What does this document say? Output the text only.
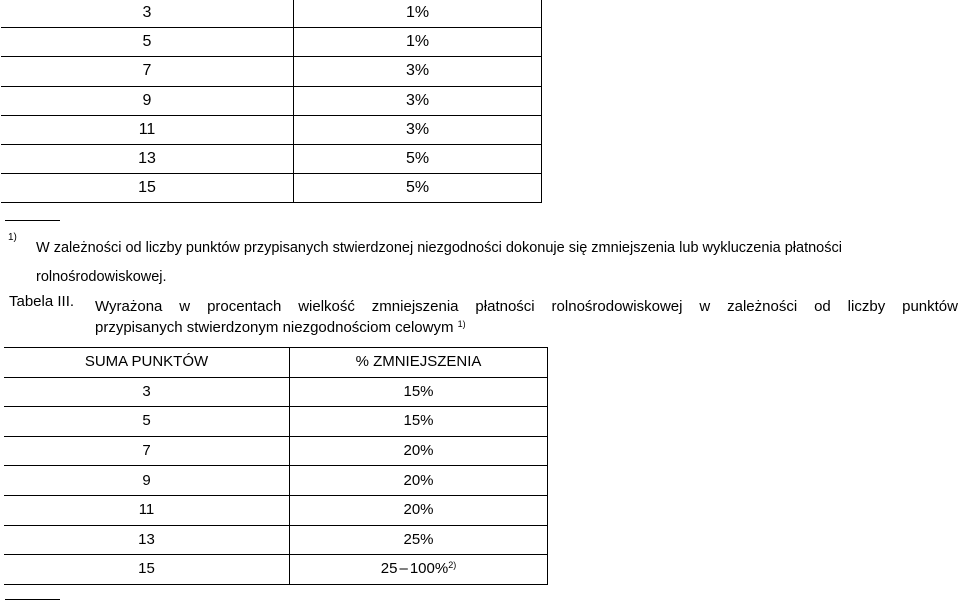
3	1%
5	1%
7	3%
9	3%
11	3%
13	5%
15	5%
1)
W zależności od liczby punktów przypisanych stwierdzonej niezgodności dokonuje się zmniejszenia lub wykluczenia płatności rolnośrodowiskowej.
Tabela III. Wyrażona w procentach wielkość zmniejszenia płatności rolnośrodowiskowej w zależności od liczby punktów
przypisanych stwierdzonym niezgodnościom celowym $^{1)}$
SUMA PUNKTÓW	% ZMNIEJSZENIA
3	15%
5	15%
7	20%
9	20%
11	20%
13	25%
15	25 – 100%$^{2)}$
